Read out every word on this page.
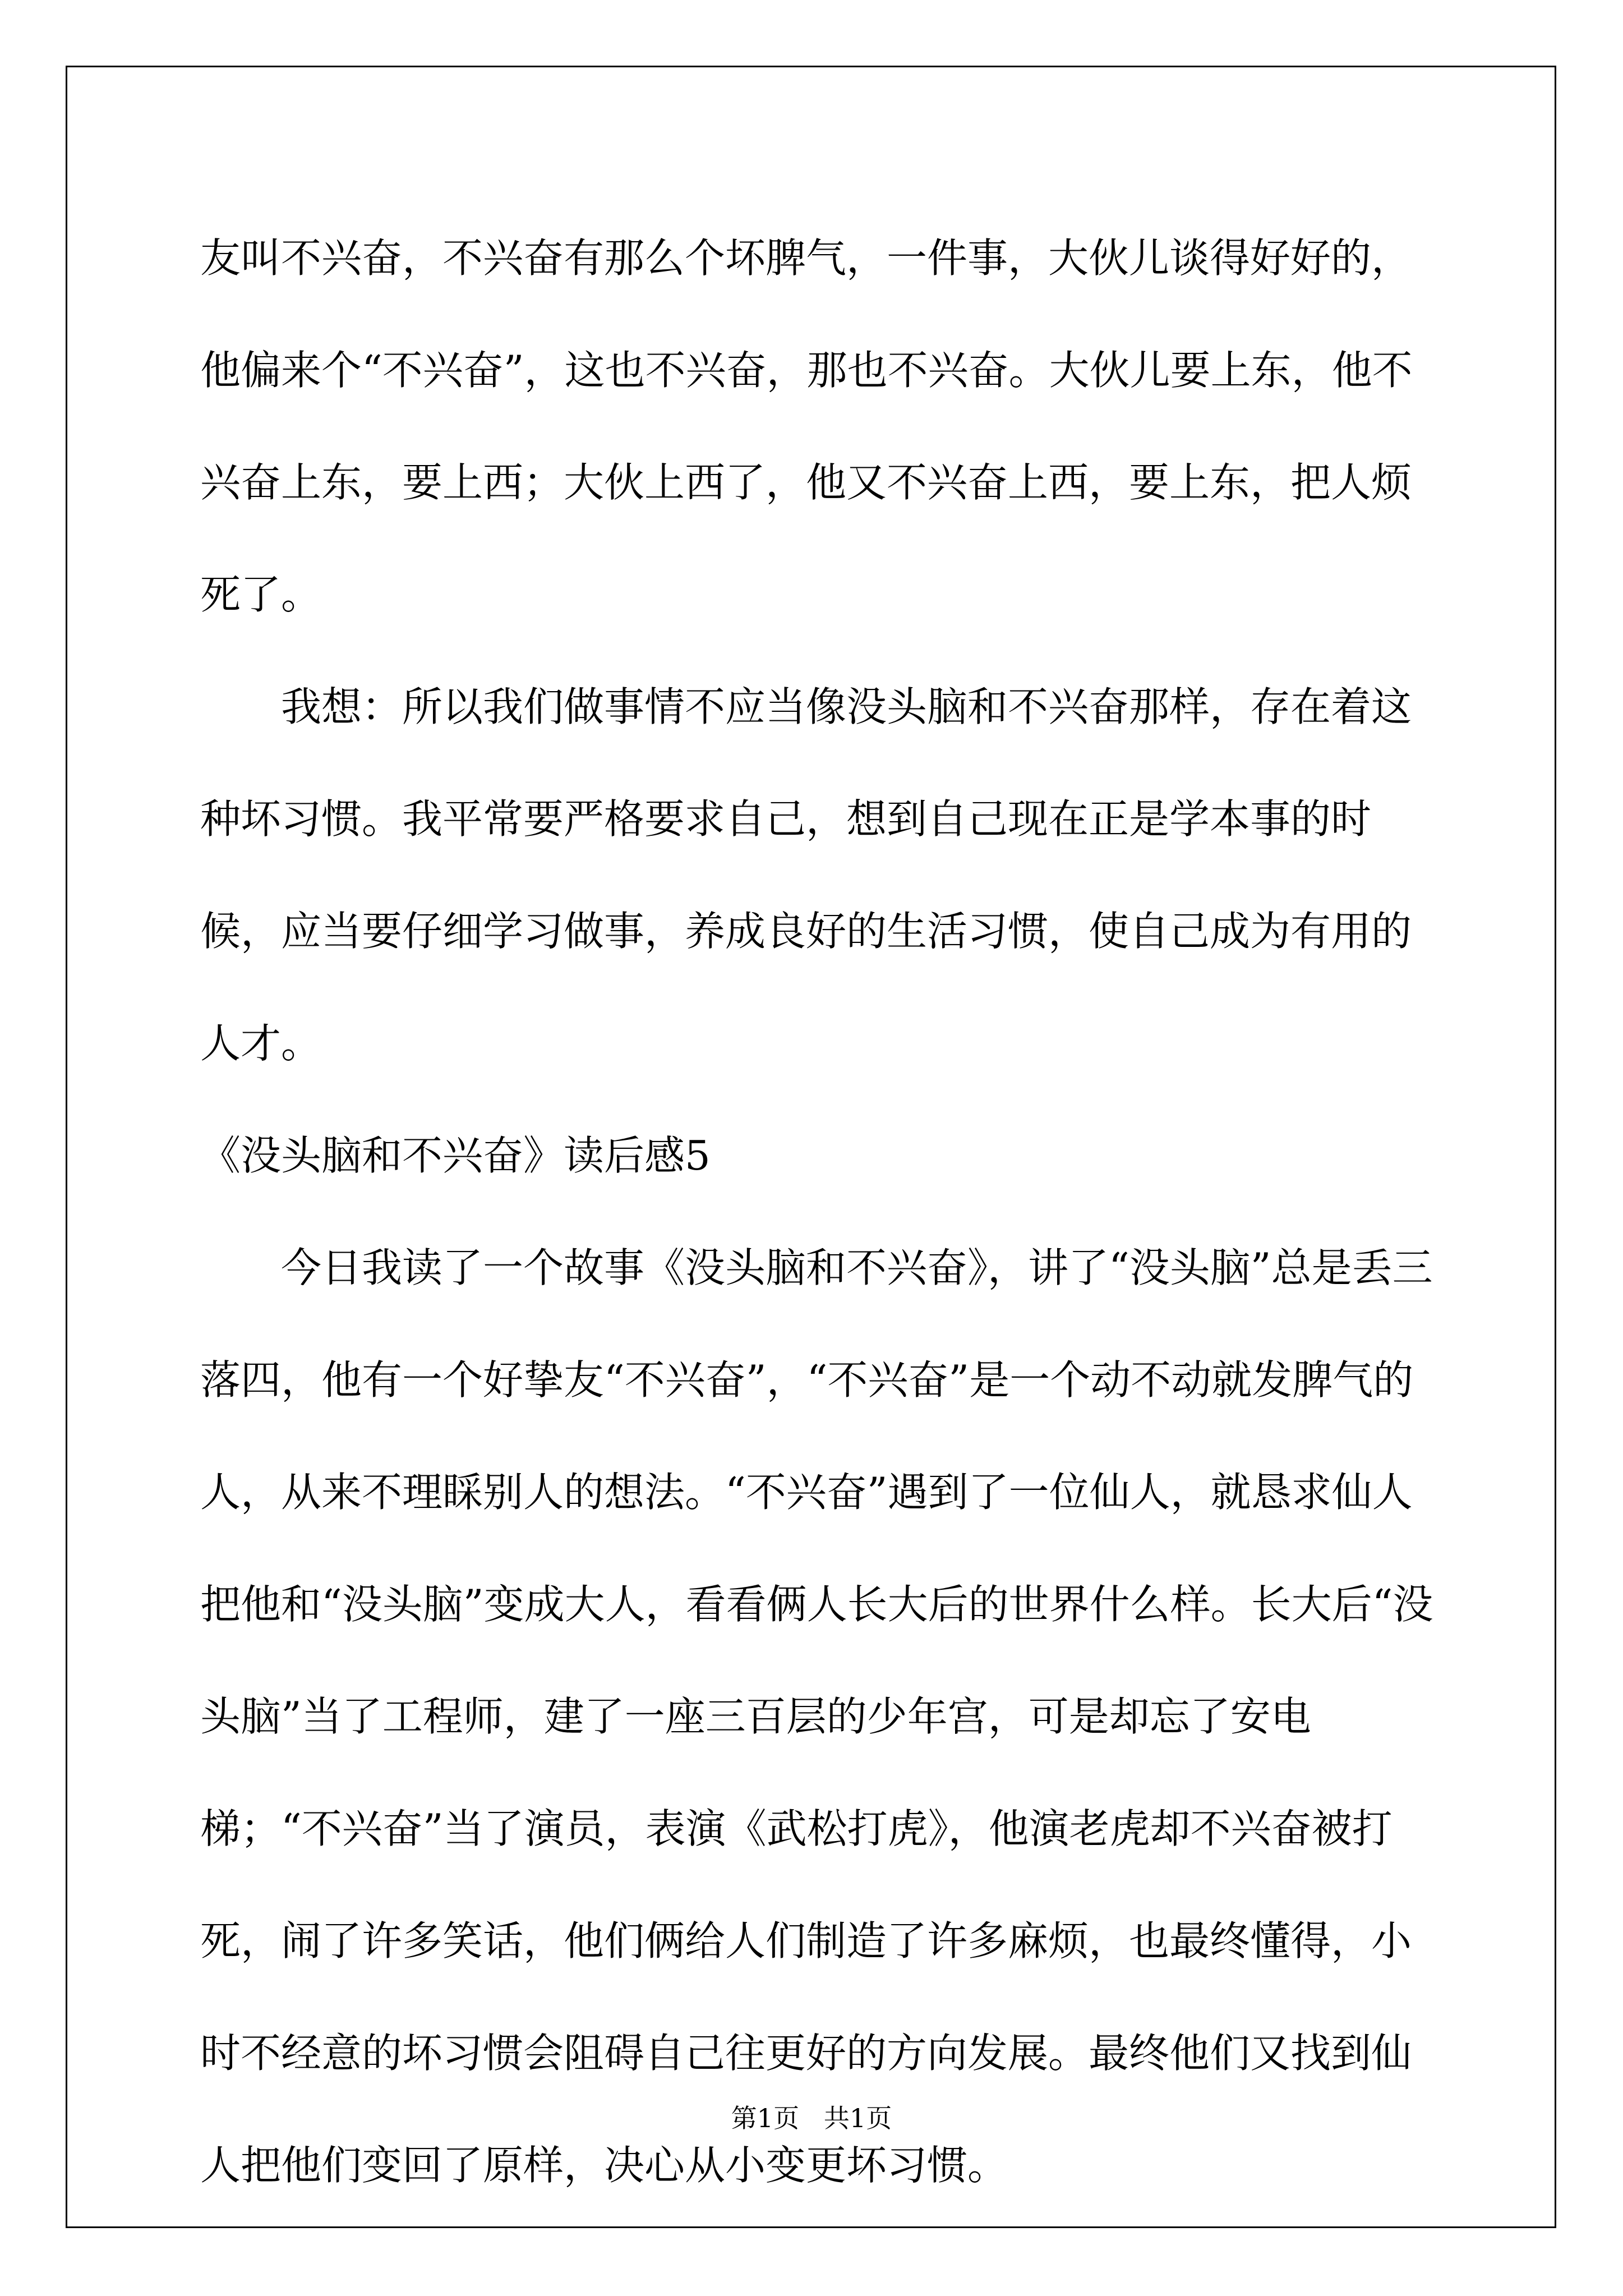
友叫不兴奋，不兴奋有那么个坏脾气，一件事，大伙儿谈得好好的，他偏来个“不兴奋”，这也不兴奋，那也不兴奋。大伙儿要上东，他不兴奋上东，要上西；大伙上西了，他又不兴奋上西，要上东，把人烦死了。

我想：所以我们做事情不应当像没头脑和不兴奋那样，存在着这种坏习惯。我平常要严格要求自己，想到自己现在正是学本事的时候，应当要仔细学习做事，养成良好的生活习惯，使自己成为有用的人才。

《没头脑和不兴奋》读后感5

今日我读了一个故事《没头脑和不兴奋》，讲了“没头脑”总是丢三落四，他有一个好挚友“不兴奋”，“不兴奋”是一个动不动就发脾气的人，从来不理睬别人的想法。“不兴奋”遇到了一位仙人，就恳求仙人把他和“没头脑”变成大人，看看俩人长大后的世界什么样。长大后“没头脑”当了工程师，建了一座三百层的少年宫，可是却忘了安电梯；“不兴奋”当了演员，表演《武松打虎》，他演老虎却不兴奋被打死，闹了许多笑话，他们俩给人们制造了许多麻烦，也最终懂得，小时不经意的坏习惯会阻碍自己往更好的方向发展。最终他们又找到仙人把他们变回了原样，决心从小变更坏习惯。

第1页   共1页
